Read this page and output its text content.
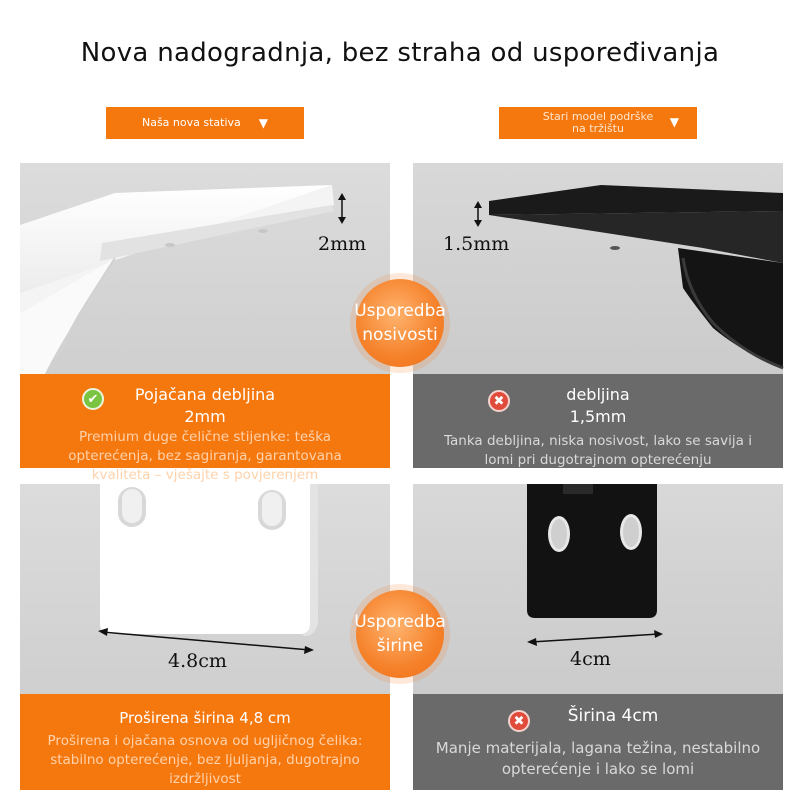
Nova nadogradnja, bez straha od uspoređivanja
Naša nova stativa ▼	Stari model podrške na tržištu	▼
2mm
✔	Pojačana debljina
2mm
Premium duge čelične stijenke: teška opterećenja, bez sagiranja, garantovana kvaliteta – vješajte s povjerenjem
1.5mm
✖	debljina
1,5mm
Tanka debljina, niska nosivost, lako se savija i lomi pri dugotrajnom opterećenju
4.8cm
Proširena širina 4,8 cm
Proširena i ojačana osnova od ugljičnog čelika: stabilno opterećenje, bez ljuljanja, dugotrajno izdržljivost
4cm
✖	Širina 4cm
Manje materijala, lagana težina, nestabilno opterećenje i lako se lomi
Usporedba nosivosti
Usporedba širine
